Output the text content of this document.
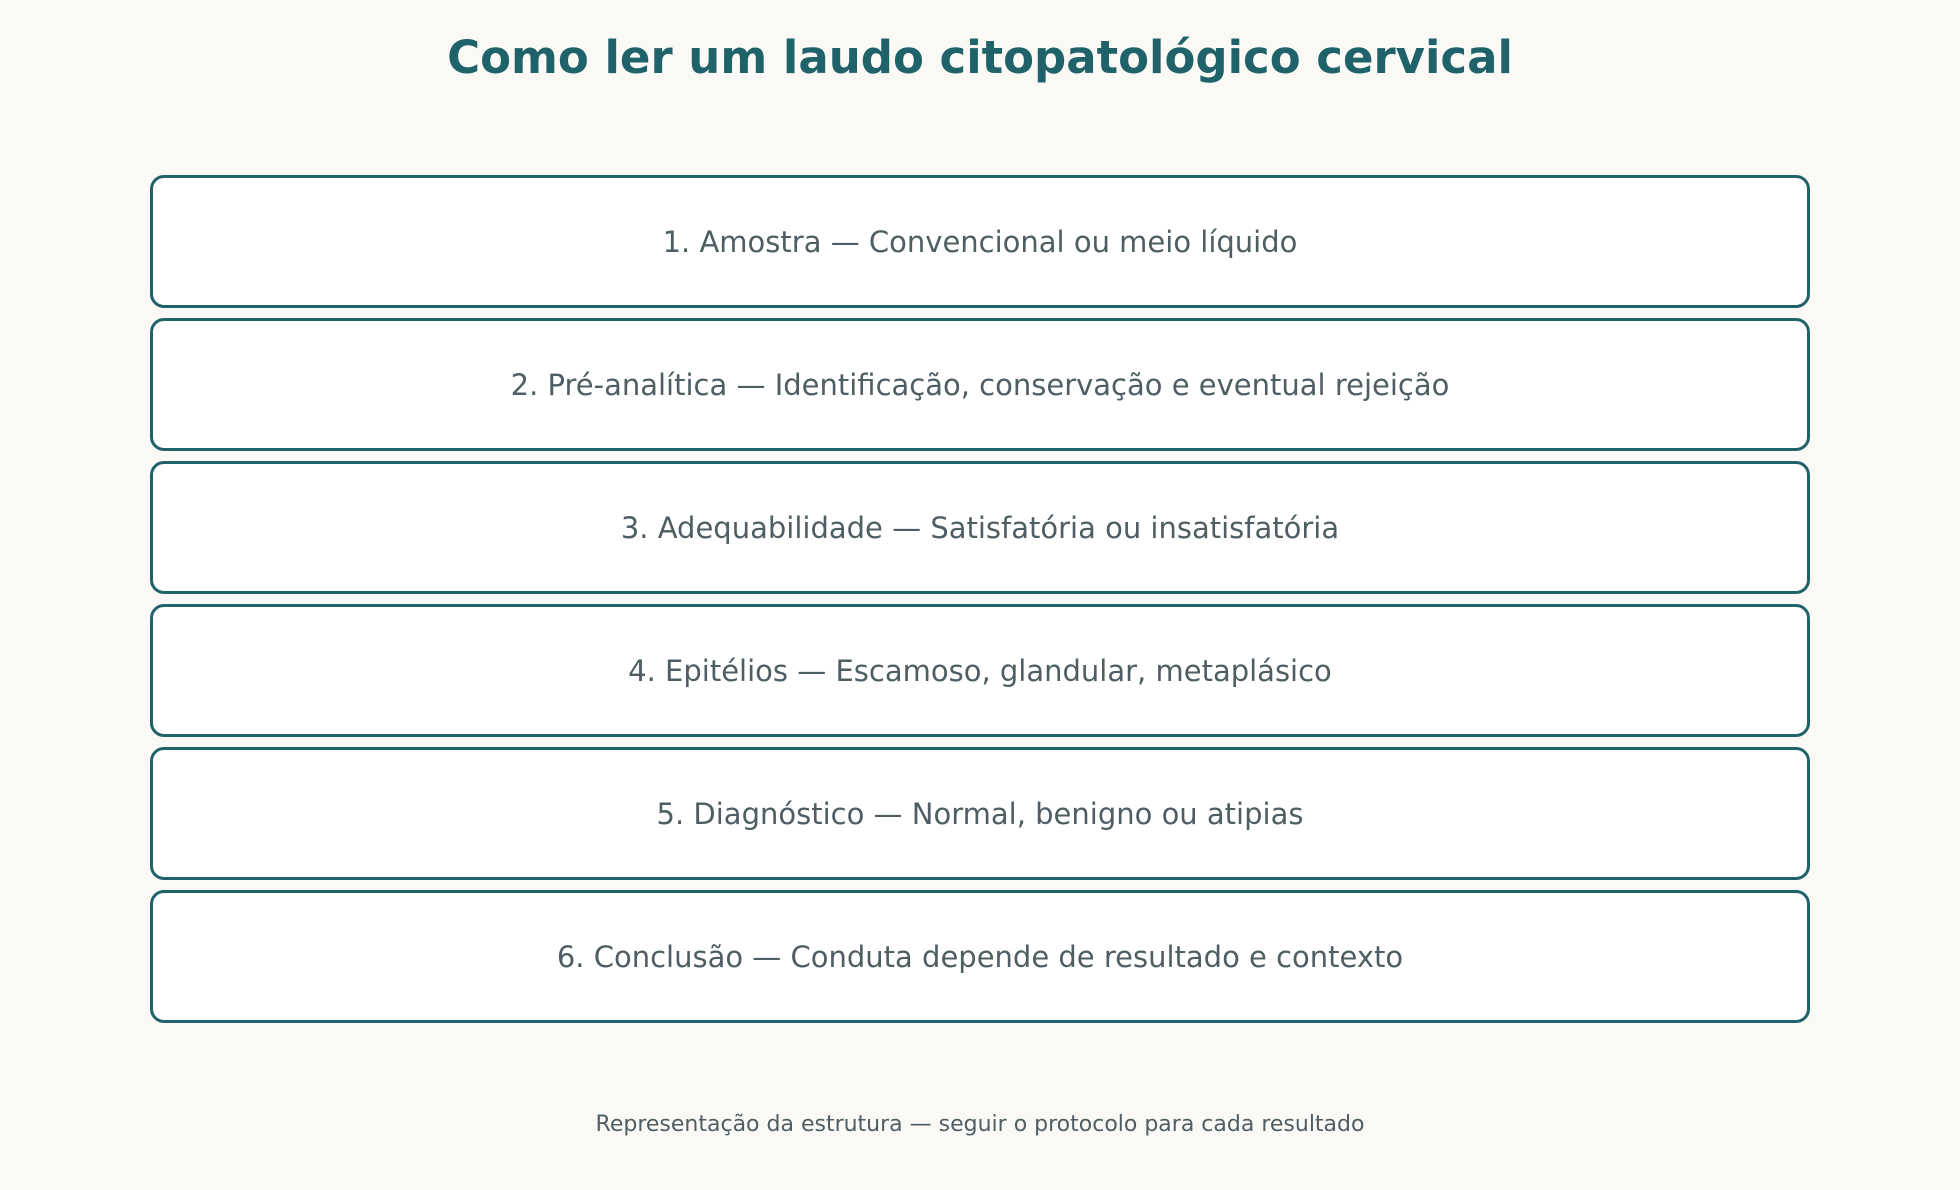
Como ler um laudo citopatológico cervical
1. Amostra — Convencional ou meio líquido
2. Pré-analítica — Identificação, conservação e eventual rejeição
3. Adequabilidade — Satisfatória ou insatisfatória
4. Epitélios — Escamoso, glandular, metaplásico
5. Diagnóstico — Normal, benigno ou atipias
6. Conclusão — Conduta depende de resultado e contexto
Representação da estrutura — seguir o protocolo para cada resultado
